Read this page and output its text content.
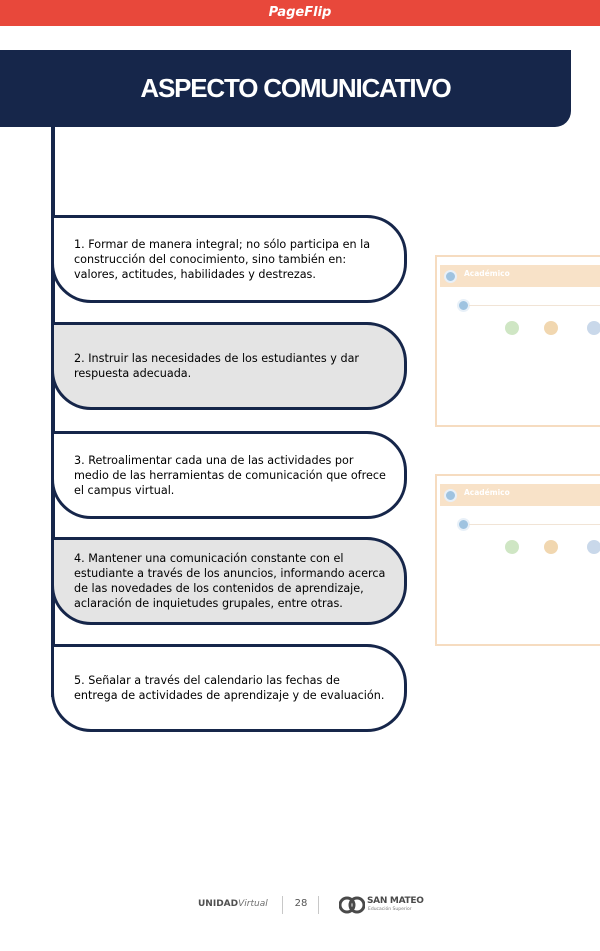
PageFlip
ASPECTO COMUNICATIVO
1. Formar de manera integral; no sólo participa en la construcción del conocimiento, sino también en: valores, actitudes, habilidades y destrezas.
2. Instruir las necesidades de los estudiantes y dar respuesta adecuada.
3. Retroalimentar cada una de las actividades por medio de las herramientas de comunicación que ofrece el campus virtual.
4. Mantener una comunicación constante con el estudiante a través de los anuncios, informando acerca de las novedades de los contenidos de aprendizaje, aclaración de inquietudes grupales, entre otras.
5. Señalar a través del calendario las fechas de entrega de actividades de aprendizaje y de evaluación.
Académico
Académico
UNIDADVirtual	28	SAN MATEO
Educación Superior
